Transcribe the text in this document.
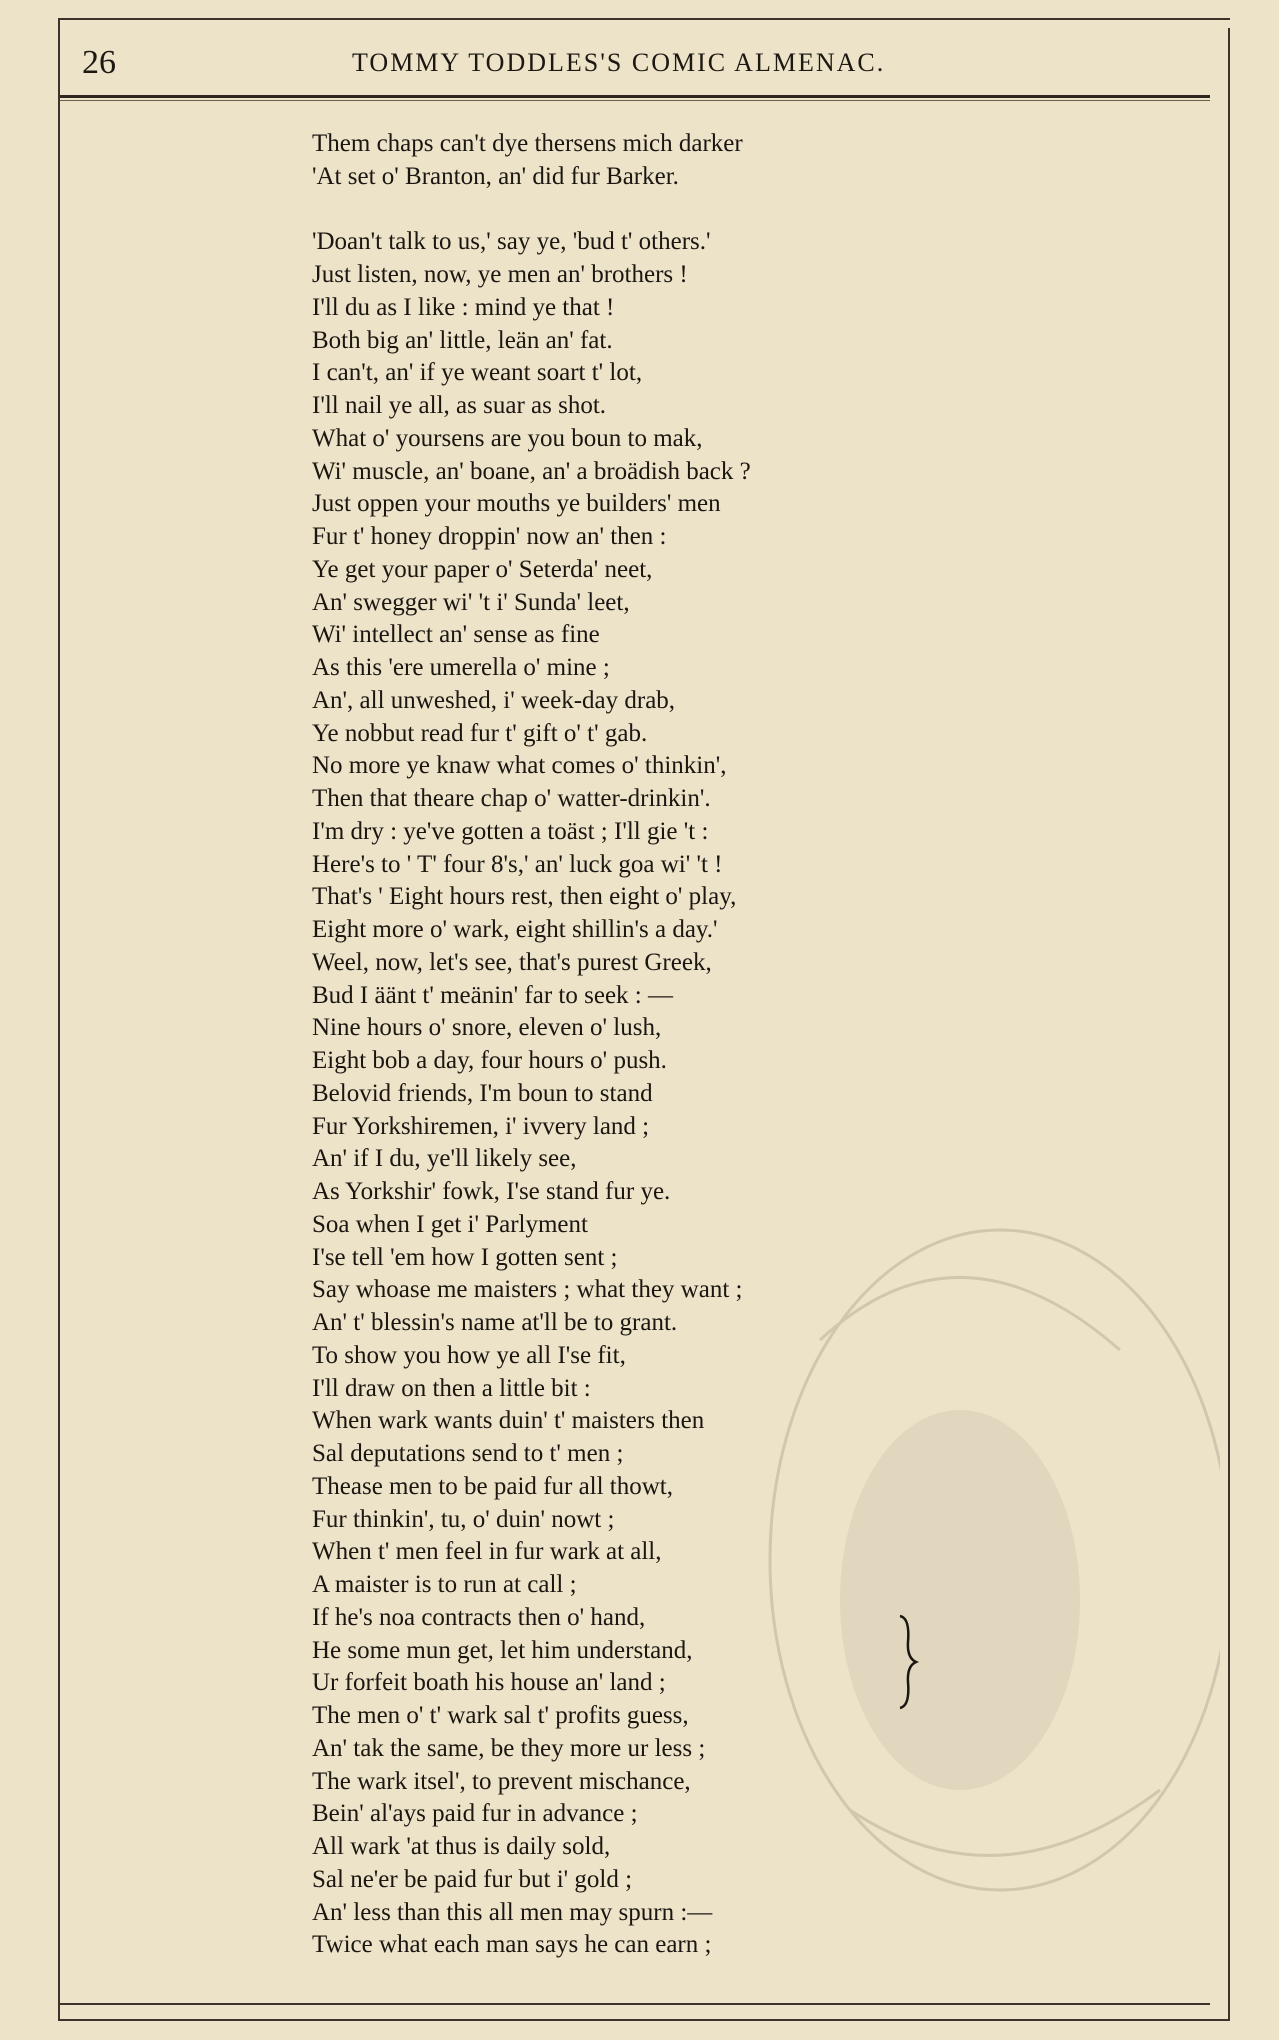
26	TOMMY TODDLES'S COMIC ALMENAC.
Them chaps can't dye thersens mich darker
'At set o' Branton, an' did fur Barker.
'Doan't talk to us,' say ye, 'bud t' others.'
Just listen, now, ye men an' brothers !
I'll du as I like : mind ye that !
Both big an' little, leän an' fat.
I can't, an' if ye weant soart t' lot,
I'll nail ye all, as suar as shot.
What o' yoursens are you boun to mak,
Wi' muscle, an' boane, an' a broädish back ?
Just oppen your mouths ye builders' men
Fur t' honey droppin' now an' then :
Ye get your paper o' Seterda' neet,
An' swegger wi' 't i' Sunda' leet,
Wi' intellect an' sense as fine
As this 'ere umerella o' mine ;
An', all unweshed, i' week-day drab,
Ye nobbut read fur t' gift o' t' gab.
No more ye knaw what comes o' thinkin',
Then that theare chap o' watter-drinkin'.
I'm dry : ye've gotten a toäst ; I'll gie 't :
Here's to ' T' four 8's,' an' luck goa wi' 't !
That's ' Eight hours rest, then eight o' play,
Eight more o' wark, eight shillin's a day.'
Weel, now, let's see, that's purest Greek,
Bud I äänt t' meänin' far to seek : —
Nine hours o' snore, eleven o' lush,
Eight bob a day, four hours o' push.
Belovid friends, I'm boun to stand
Fur Yorkshiremen, i' ivvery land ;
An' if I du, ye'll likely see,
As Yorkshir' fowk, I'se stand fur ye.
Soa when I get i' Parlyment
I'se tell 'em how I gotten sent ;
Say whoase me maisters ; what they want ;
An' t' blessin's name at'll be to grant.
To show you how ye all I'se fit,
I'll draw on then a little bit :
When wark wants duin' t' maisters then
Sal deputations send to t' men ;
Thease men to be paid fur all thowt,
Fur thinkin', tu, o' duin' nowt ;
When t' men feel in fur wark at all,
A maister is to run at call ;
If he's noa contracts then o' hand,
He some mun get, let him understand,
Ur forfeit boath his house an' land ;
The men o' t' wark sal t' profits guess,
An' tak the same, be they more ur less ;
The wark itsel', to prevent mischance,
Bein' al'ays paid fur in advance ;
All wark 'at thus is daily sold,
Sal ne'er be paid fur but i' gold ;
An' less than this all men may spurn :—
Twice what each man says he can earn ;
